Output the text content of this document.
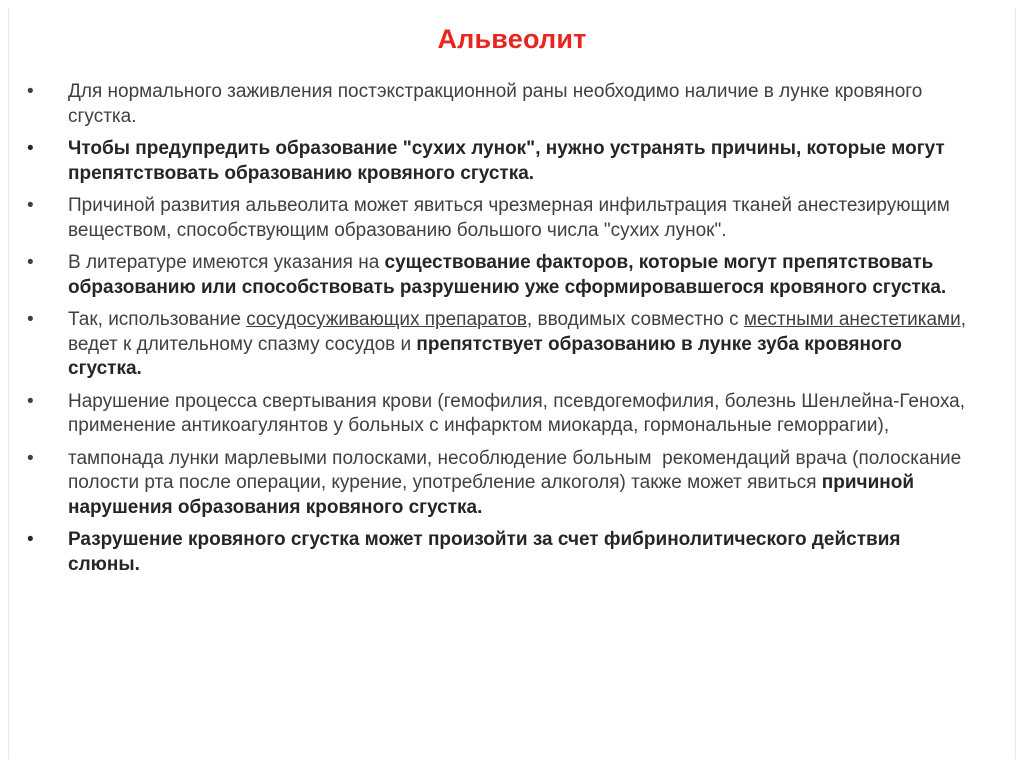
Альвеолит
•	Для нормального заживления постэкстракционной раны необходимо наличие в лунке кровяного сгустка.
•	Чтобы предупредить образование "сухих лунок", нужно устранять причины, которые могут препятствовать образованию кровяного сгустка.
•	Причиной развития альвеолита может явиться чрезмерная инфильтрация тканей анестезирующим веществом, способствующим образованию большого числа "сухих лунок".
•	В литературе имеются указания на существование факторов, которые могут препятствовать образованию или способствовать разрушению уже сформировавшегося кровяного сгустка.
•	Так, использование сосудосуживающих препаратов, вводимых совместно с местными анестетиками, ведет к длительному спазму сосудов и препятствует образованию в лунке зуба кровяного сгустка.
•	Нарушение процесса свертывания крови (гемофилия, псевдогемофилия, болезнь Шенлейна-Геноха, применение антикоагулянтов у больных с инфарктом миокарда, гормональные геморрагии),
•	тампонада лунки марлевыми полосками, несоблюдение больным  рекомендаций врача (полоскание полости рта после операции, курение, употребление алкоголя) также может явиться причиной нарушения образования кровяного сгустка.
•	Разрушение кровяного сгустка может произойти за счет фибринолитического действия слюны.
